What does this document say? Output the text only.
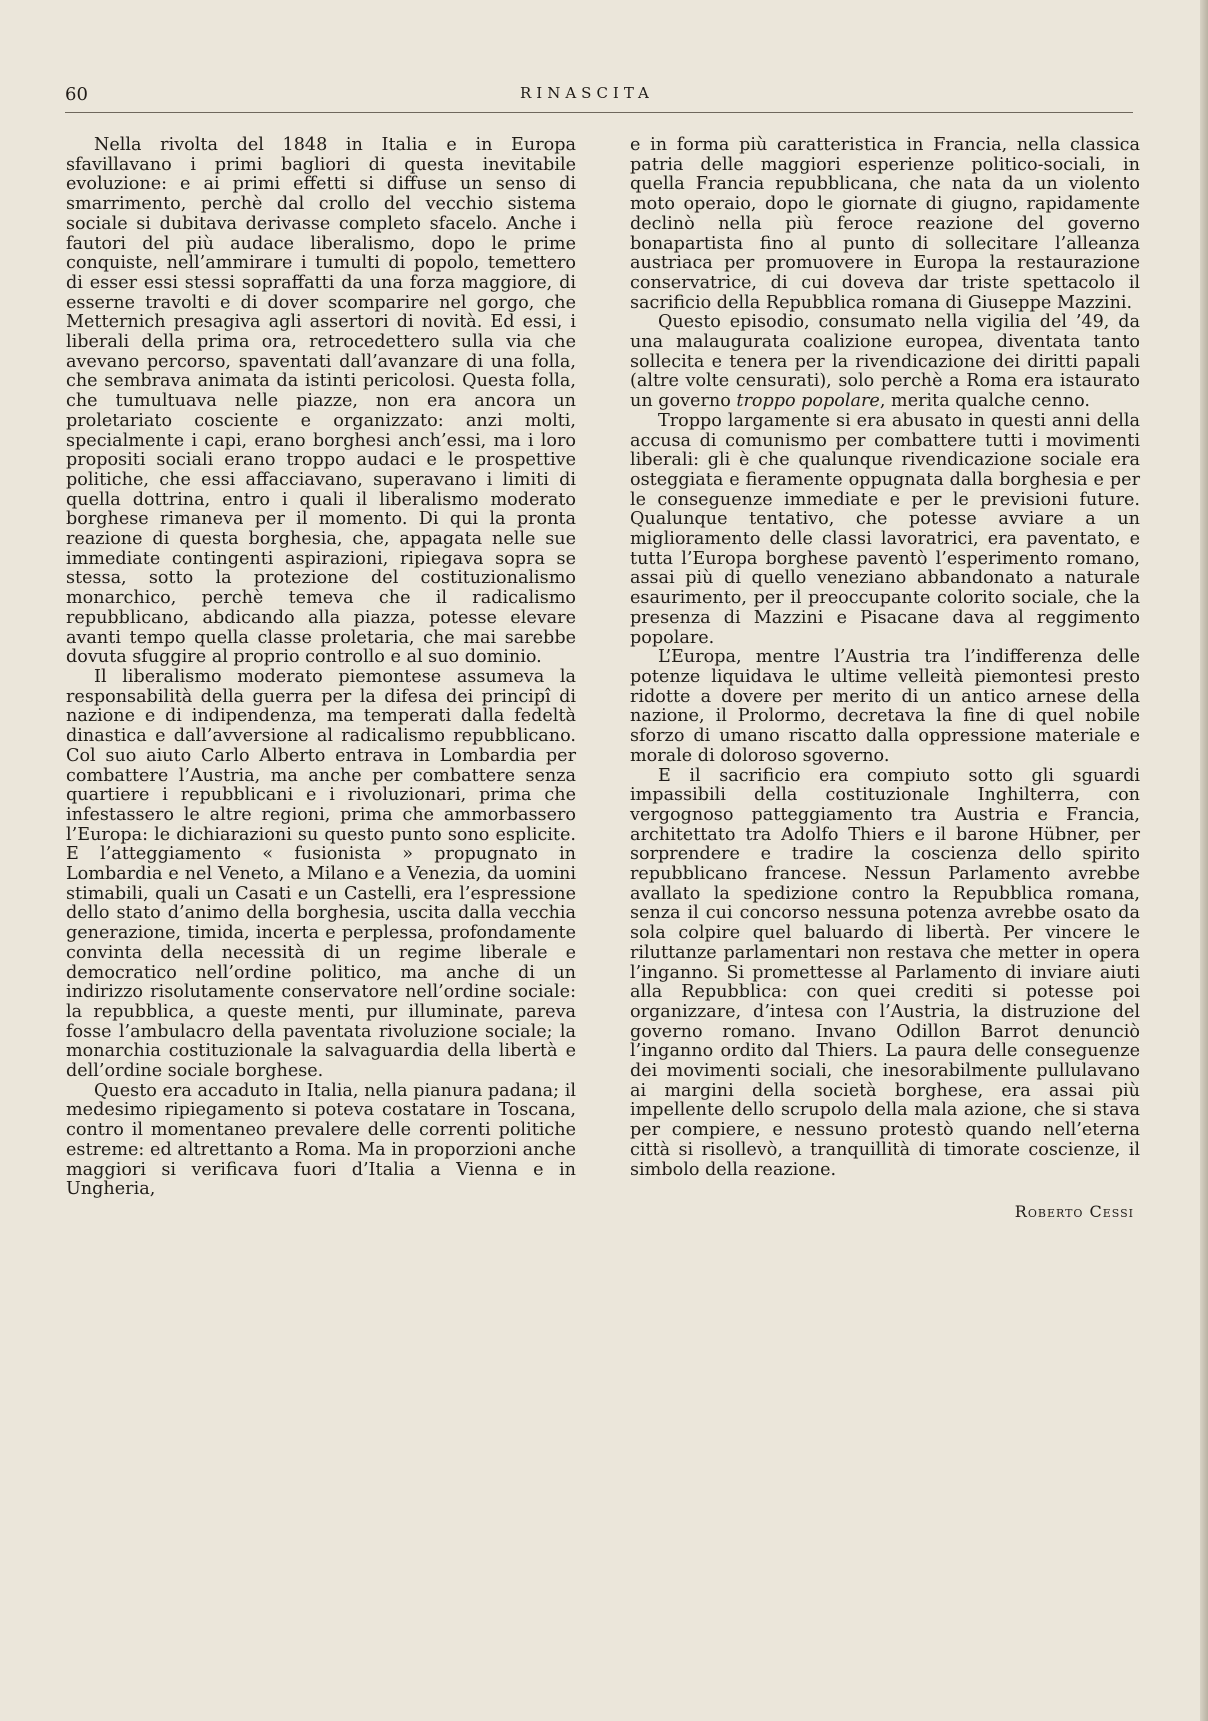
60	RINASCITA

Nella rivolta del 1848 in Italia e in Europa sfavillavano i primi bagliori di questa inevitabile evoluzione: e ai primi effetti si diffuse un senso di smarrimento, perchè dal crollo del vecchio sistema sociale si dubitava derivasse completo sfacelo. Anche i fautori del più audace liberalismo, dopo le prime conquiste, nell’ammirare i tumulti di popolo, temettero di esser essi stessi sopraffatti da una forza maggiore, di esserne travolti e di dover scomparire nel gorgo, che Metternich presagiva agli assertori di novità. Ed essi, i liberali della prima ora, retrocedettero sulla via che avevano percorso, spaventati dall’avanzare di una folla, che sembrava animata da istinti pericolosi. Questa folla, che tumultuava nelle piazze, non era ancora un proletariato cosciente e organizzato: anzi molti, specialmente i capi, erano borghesi anch’essi, ma i loro propositi sociali erano troppo audaci e le prospettive politiche, che essi affacciavano, superavano i limiti di quella dottrina, entro i quali il liberalismo moderato borghese rimaneva per il momento. Di qui la pronta reazione di questa borghesia, che, appagata nelle sue immediate contingenti aspirazioni, ripiegava sopra se stessa, sotto la protezione del costituzionalismo monarchico, perchè temeva che il radicalismo repubblicano, abdicando alla piazza, potesse elevare avanti tempo quella classe proletaria, che mai sarebbe dovuta sfuggire al proprio controllo e al suo dominio.

Il liberalismo moderato piemontese assumeva la responsabilità della guerra per la difesa dei principî di nazione e di indipendenza, ma temperati dalla fedeltà dinastica e dall’avversione al radicalismo repubblicano. Col suo aiuto Carlo Alberto entrava in Lombardia per combattere l’Austria, ma anche per combattere senza quartiere i repubblicani e i rivoluzionari, prima che infestassero le altre regioni, prima che ammorbassero l’Europa: le dichiarazioni su questo punto sono esplicite. E l’atteggiamento « fusionista » propugnato in Lombardia e nel Veneto, a Milano e a Venezia, da uomini stimabili, quali un Casati e un Castelli, era l’espressione dello stato d’animo della borghesia, uscita dalla vecchia generazione, timida, incerta e perplessa, profondamente convinta della necessità di un regime liberale e democratico nell’ordine politico, ma anche di un indirizzo risolutamente conservatore nell’ordine sociale: la repubblica, a queste menti, pur illuminate, pareva fosse l’ambulacro della paventata rivoluzione sociale; la monarchia costituzionale la salvaguardia della libertà e dell’ordine sociale borghese.

Questo era accaduto in Italia, nella pianura padana; il medesimo ripiegamento si poteva costatare in Toscana, contro il momentaneo prevalere delle correnti politiche estreme: ed altrettanto a Roma. Ma in proporzioni anche maggiori si verificava fuori d’Italia a Vienna e in Ungheria,

e in forma più caratteristica in Francia, nella classica patria delle maggiori esperienze politico-sociali, in quella Francia repubblicana, che nata da un violento moto operaio, dopo le giornate di giugno, rapidamente declinò nella più feroce reazione del governo bonapartista fino al punto di sollecitare l’alleanza austriaca per promuovere in Europa la restaurazione conservatrice, di cui doveva dar triste spettacolo il sacrificio della Repubblica romana di Giuseppe Mazzini.

Questo episodio, consumato nella vigilia del ’49, da una malaugurata coalizione europea, diventata tanto sollecita e tenera per la rivendicazione dei diritti papali (altre volte censurati), solo perchè a Roma era istaurato un governo troppo popolare, merita qualche cenno.

Troppo largamente si era abusato in questi anni della accusa di comunismo per combattere tutti i movimenti liberali: gli è che qualunque rivendicazione sociale era osteggiata e fieramente oppugnata dalla borghesia e per le conseguenze immediate e per le previsioni future. Qualunque tentativo, che potesse avviare a un miglioramento delle classi lavoratrici, era paventato, e tutta l’Europa borghese paventò l’esperimento romano, assai più di quello veneziano abbandonato a naturale esaurimento, per il preoccupante colorito sociale, che la presenza di Mazzini e Pisacane dava al reggimento popolare.

L’Europa, mentre l’Austria tra l’indifferenza delle potenze liquidava le ultime velleità piemontesi presto ridotte a dovere per merito di un antico arnese della nazione, il Prolormo, decretava la fine di quel nobile sforzo di umano riscatto dalla oppressione materiale e morale di doloroso sgoverno.

E il sacrificio era compiuto sotto gli sguardi impassibili della costituzionale Inghilterra, con vergognoso patteggiamento tra Austria e Francia, architettato tra Adolfo Thiers e il barone Hübner, per sorprendere e tradire la coscienza dello spirito repubblicano francese. Nessun Parlamento avrebbe avallato la spedizione contro la Repubblica romana, senza il cui concorso nessuna potenza avrebbe osato da sola colpire quel baluardo di libertà. Per vincere le riluttanze parlamentari non restava che metter in opera l’inganno. Si promettesse al Parlamento di inviare aiuti alla Repubblica: con quei crediti si potesse poi organizzare, d’intesa con l’Austria, la distruzione del governo romano. Invano Odillon Barrot denunciò l’inganno ordito dal Thiers. La paura delle conseguenze dei movimenti sociali, che inesorabilmente pullulavano ai margini della società borghese, era assai più impellente dello scrupolo della mala azione, che si stava per compiere, e nessuno protestò quando nell’eterna città si risollevò, a tranquillità di timorate coscienze, il simbolo della reazione.

Roberto Cessi
